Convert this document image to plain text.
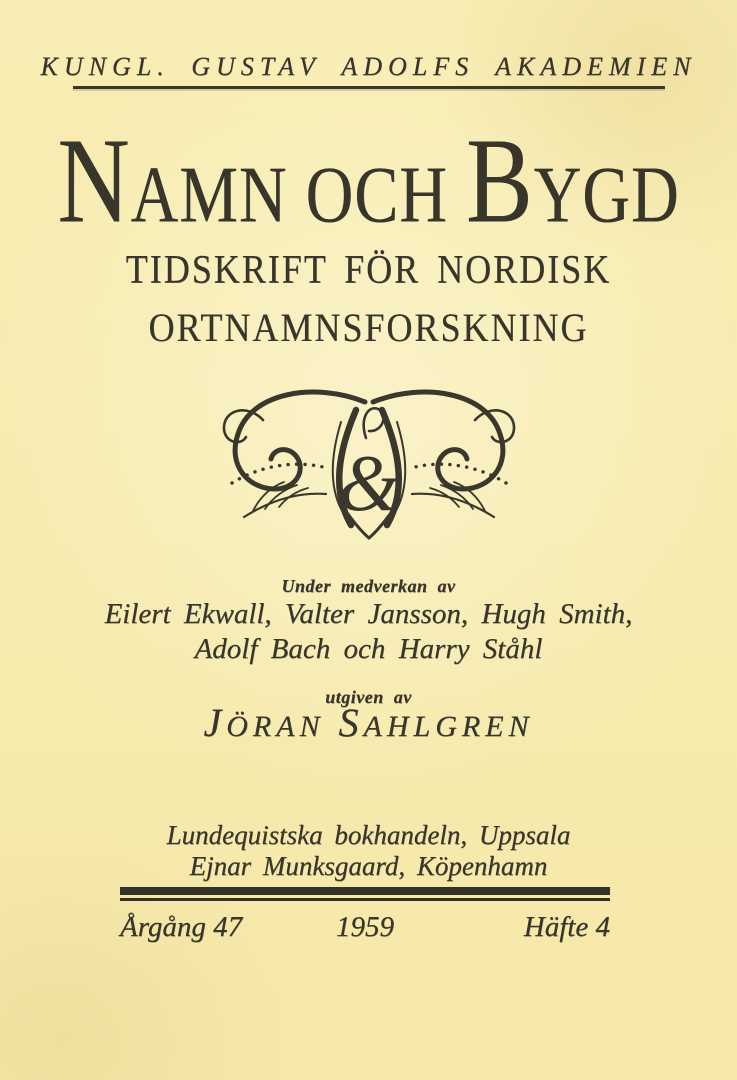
KUNGL. GUSTAV ADOLFS AKADEMIEN
NAMN OCH BYGD
TIDSKRIFT FÖR NORDISK
ORTNAMNSFORSKNING
&
Under medverkan av
Eilert Ekwall, Valter Jansson, Hugh Smith,
Adolf Bach och Harry Ståhl
utgiven av
JÖRAN SAHLGREN
Lundequistska bokhandeln, Uppsala
Ejnar Munksgaard, Köpenhamn
Årgång 47	1959	Häfte 4
